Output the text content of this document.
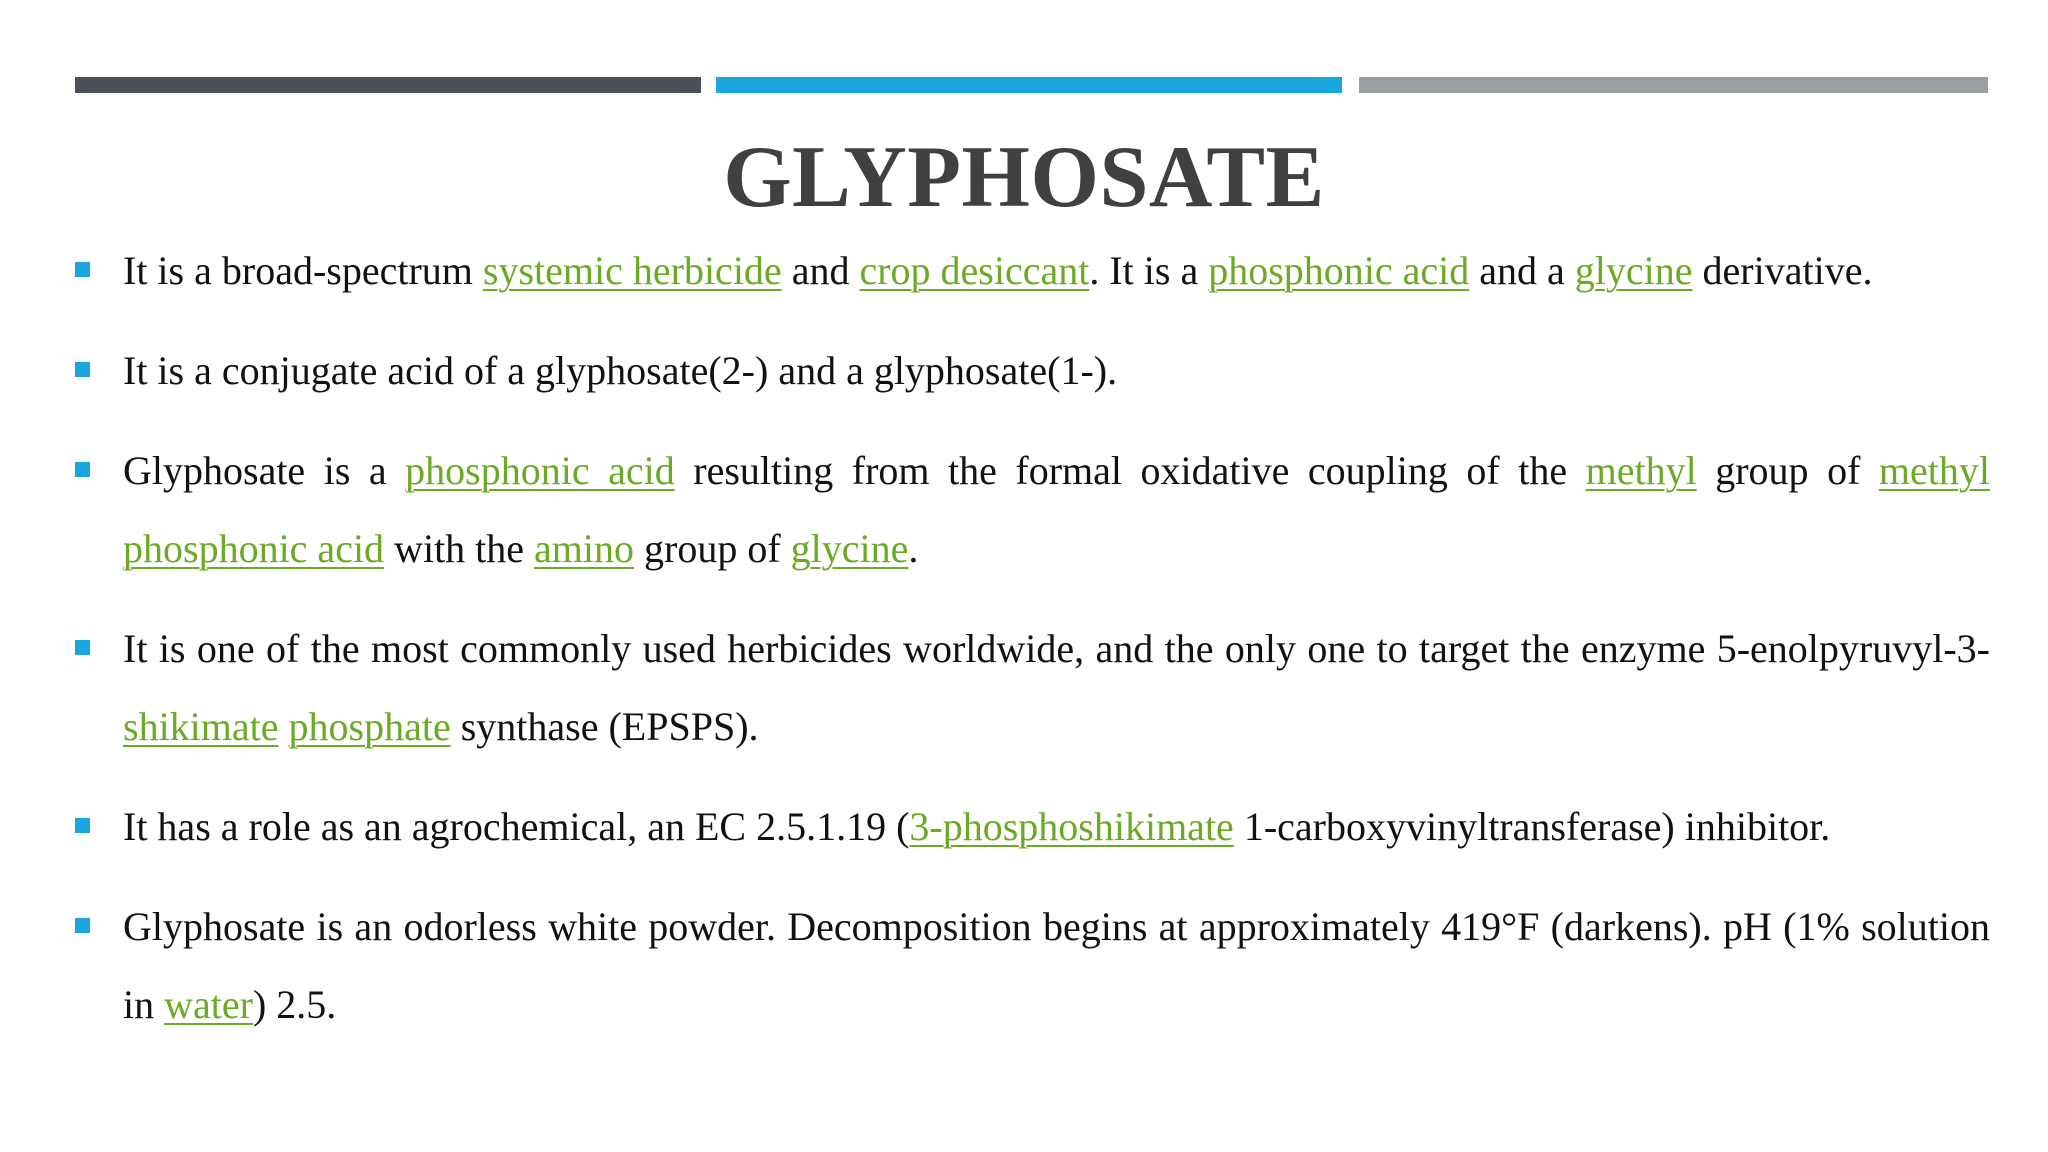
GLYPHOSATE
It is a broad-spectrum systemic herbicide and crop desiccant. It is a phosphonic acid and a glycine derivative.
It is a conjugate acid of a glyphosate(2-) and a glyphosate(1-).
Glyphosate is a phosphonic acid resulting from the formal oxidative coupling of the methyl group of methyl phosphonic acid with the amino group of glycine.
It is one of the most commonly used herbicides worldwide, and the only one to target the enzyme 5-enolpyruvyl-3-shikimate phosphate synthase (EPSPS).
It has a role as an agrochemical, an EC 2.5.1.19 (3-phosphoshikimate 1-carboxyvinyltransferase) inhibitor.
Glyphosate is an odorless white powder. Decomposition begins at approximately 419°F (darkens). pH (1% solution in water) 2.5.
